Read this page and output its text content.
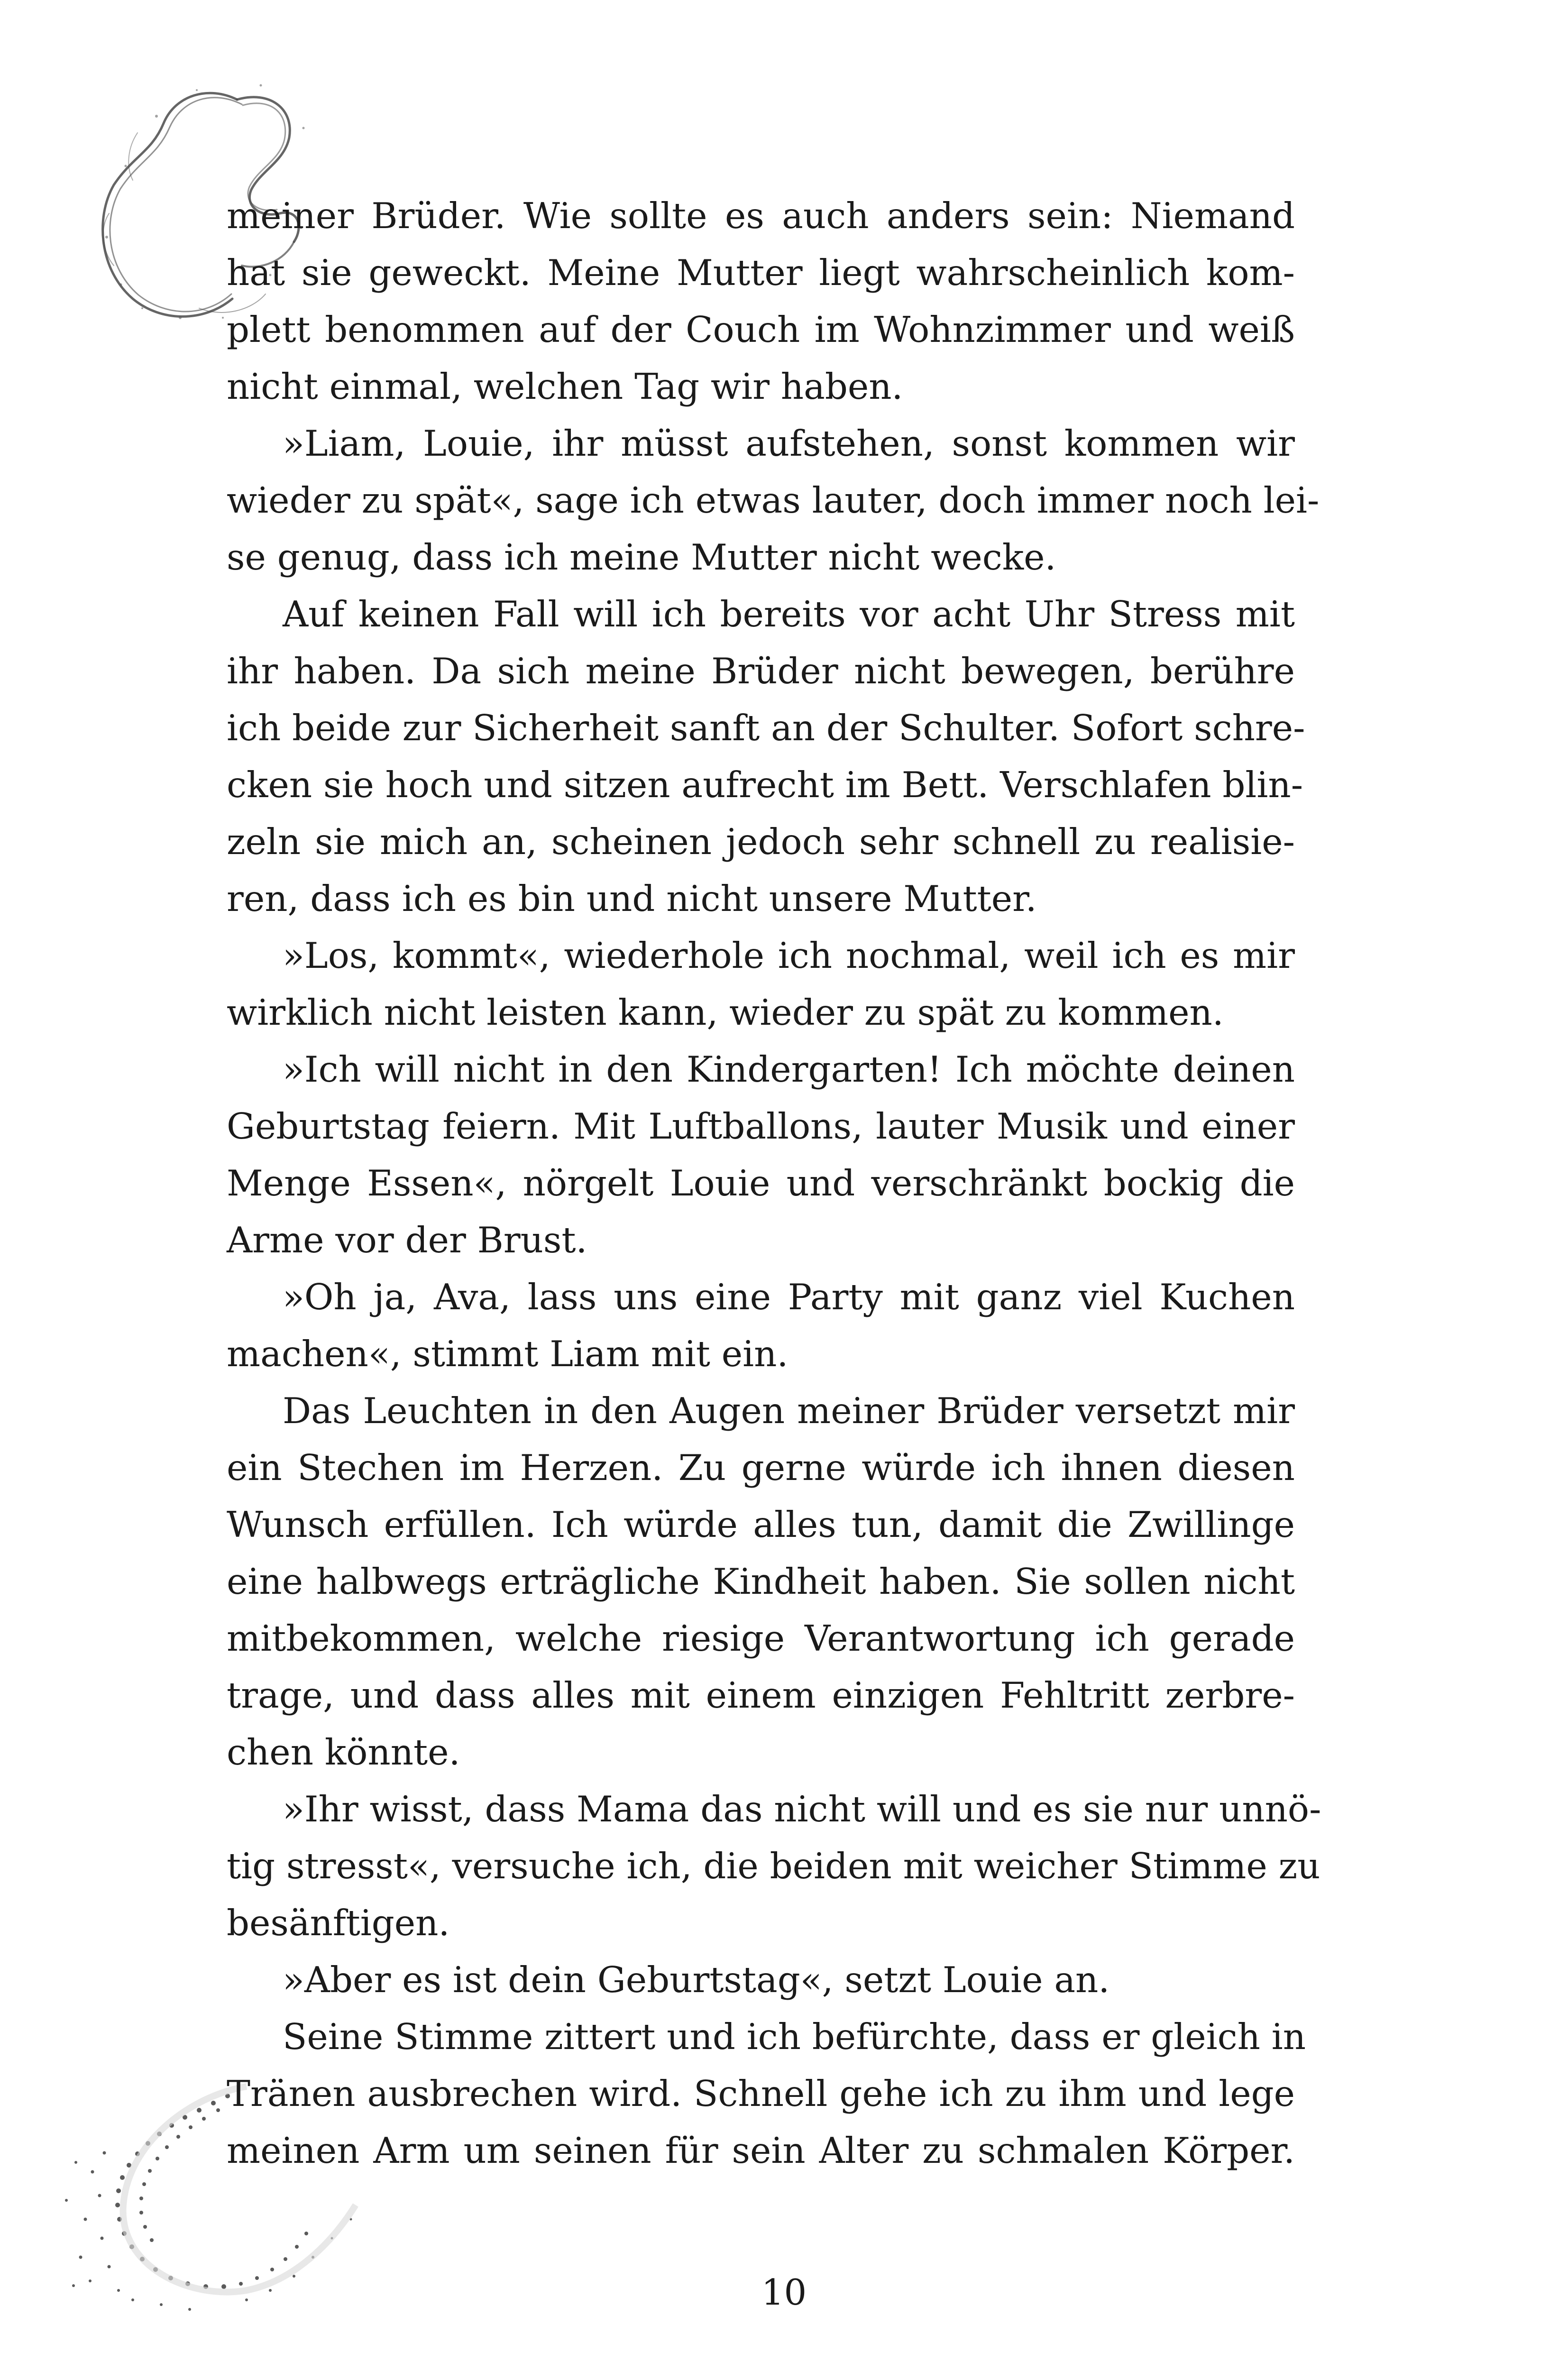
meiner Brüder. Wie sollte es auch anders sein: Niemand
hat sie geweckt. Meine Mutter liegt wahrscheinlich kom-
plett benommen auf der Couch im Wohnzimmer und weiß
nicht einmal, welchen Tag wir haben.
»Liam, Louie, ihr müsst aufstehen, sonst kommen wir
wieder zu spät«, sage ich etwas lauter, doch immer noch lei-
se genug, dass ich meine Mutter nicht wecke.
Auf keinen Fall will ich bereits vor acht Uhr Stress mit
ihr haben. Da sich meine Brüder nicht bewegen, berühre
ich beide zur Sicherheit sanft an der Schulter. Sofort schre-
cken sie hoch und sitzen aufrecht im Bett. Verschlafen blin-
zeln sie mich an, scheinen jedoch sehr schnell zu realisie-
ren, dass ich es bin und nicht unsere Mutter.
»Los, kommt«, wiederhole ich nochmal, weil ich es mir
wirklich nicht leisten kann, wieder zu spät zu kommen.
»Ich will nicht in den Kindergarten! Ich möchte deinen
Geburtstag feiern. Mit Luftballons, lauter Musik und einer
Menge Essen«, nörgelt Louie und verschränkt bockig die
Arme vor der Brust.
»Oh ja, Ava, lass uns eine Party mit ganz viel Kuchen
machen«, stimmt Liam mit ein.
Das Leuchten in den Augen meiner Brüder versetzt mir
ein Stechen im Herzen. Zu gerne würde ich ihnen diesen
Wunsch erfüllen. Ich würde alles tun, damit die Zwillinge
eine halbwegs erträgliche Kindheit haben. Sie sollen nicht
mitbekommen, welche riesige Verantwortung ich gerade
trage, und dass alles mit einem einzigen Fehltritt zerbre-
chen könnte.
»Ihr wisst, dass Mama das nicht will und es sie nur unnö-
tig stresst«, versuche ich, die beiden mit weicher Stimme zu
besänftigen.
»Aber es ist dein Geburtstag«, setzt Louie an.
Seine Stimme zittert und ich befürchte, dass er gleich in
Tränen ausbrechen wird. Schnell gehe ich zu ihm und lege
meinen Arm um seinen für sein Alter zu schmalen Körper.
10
